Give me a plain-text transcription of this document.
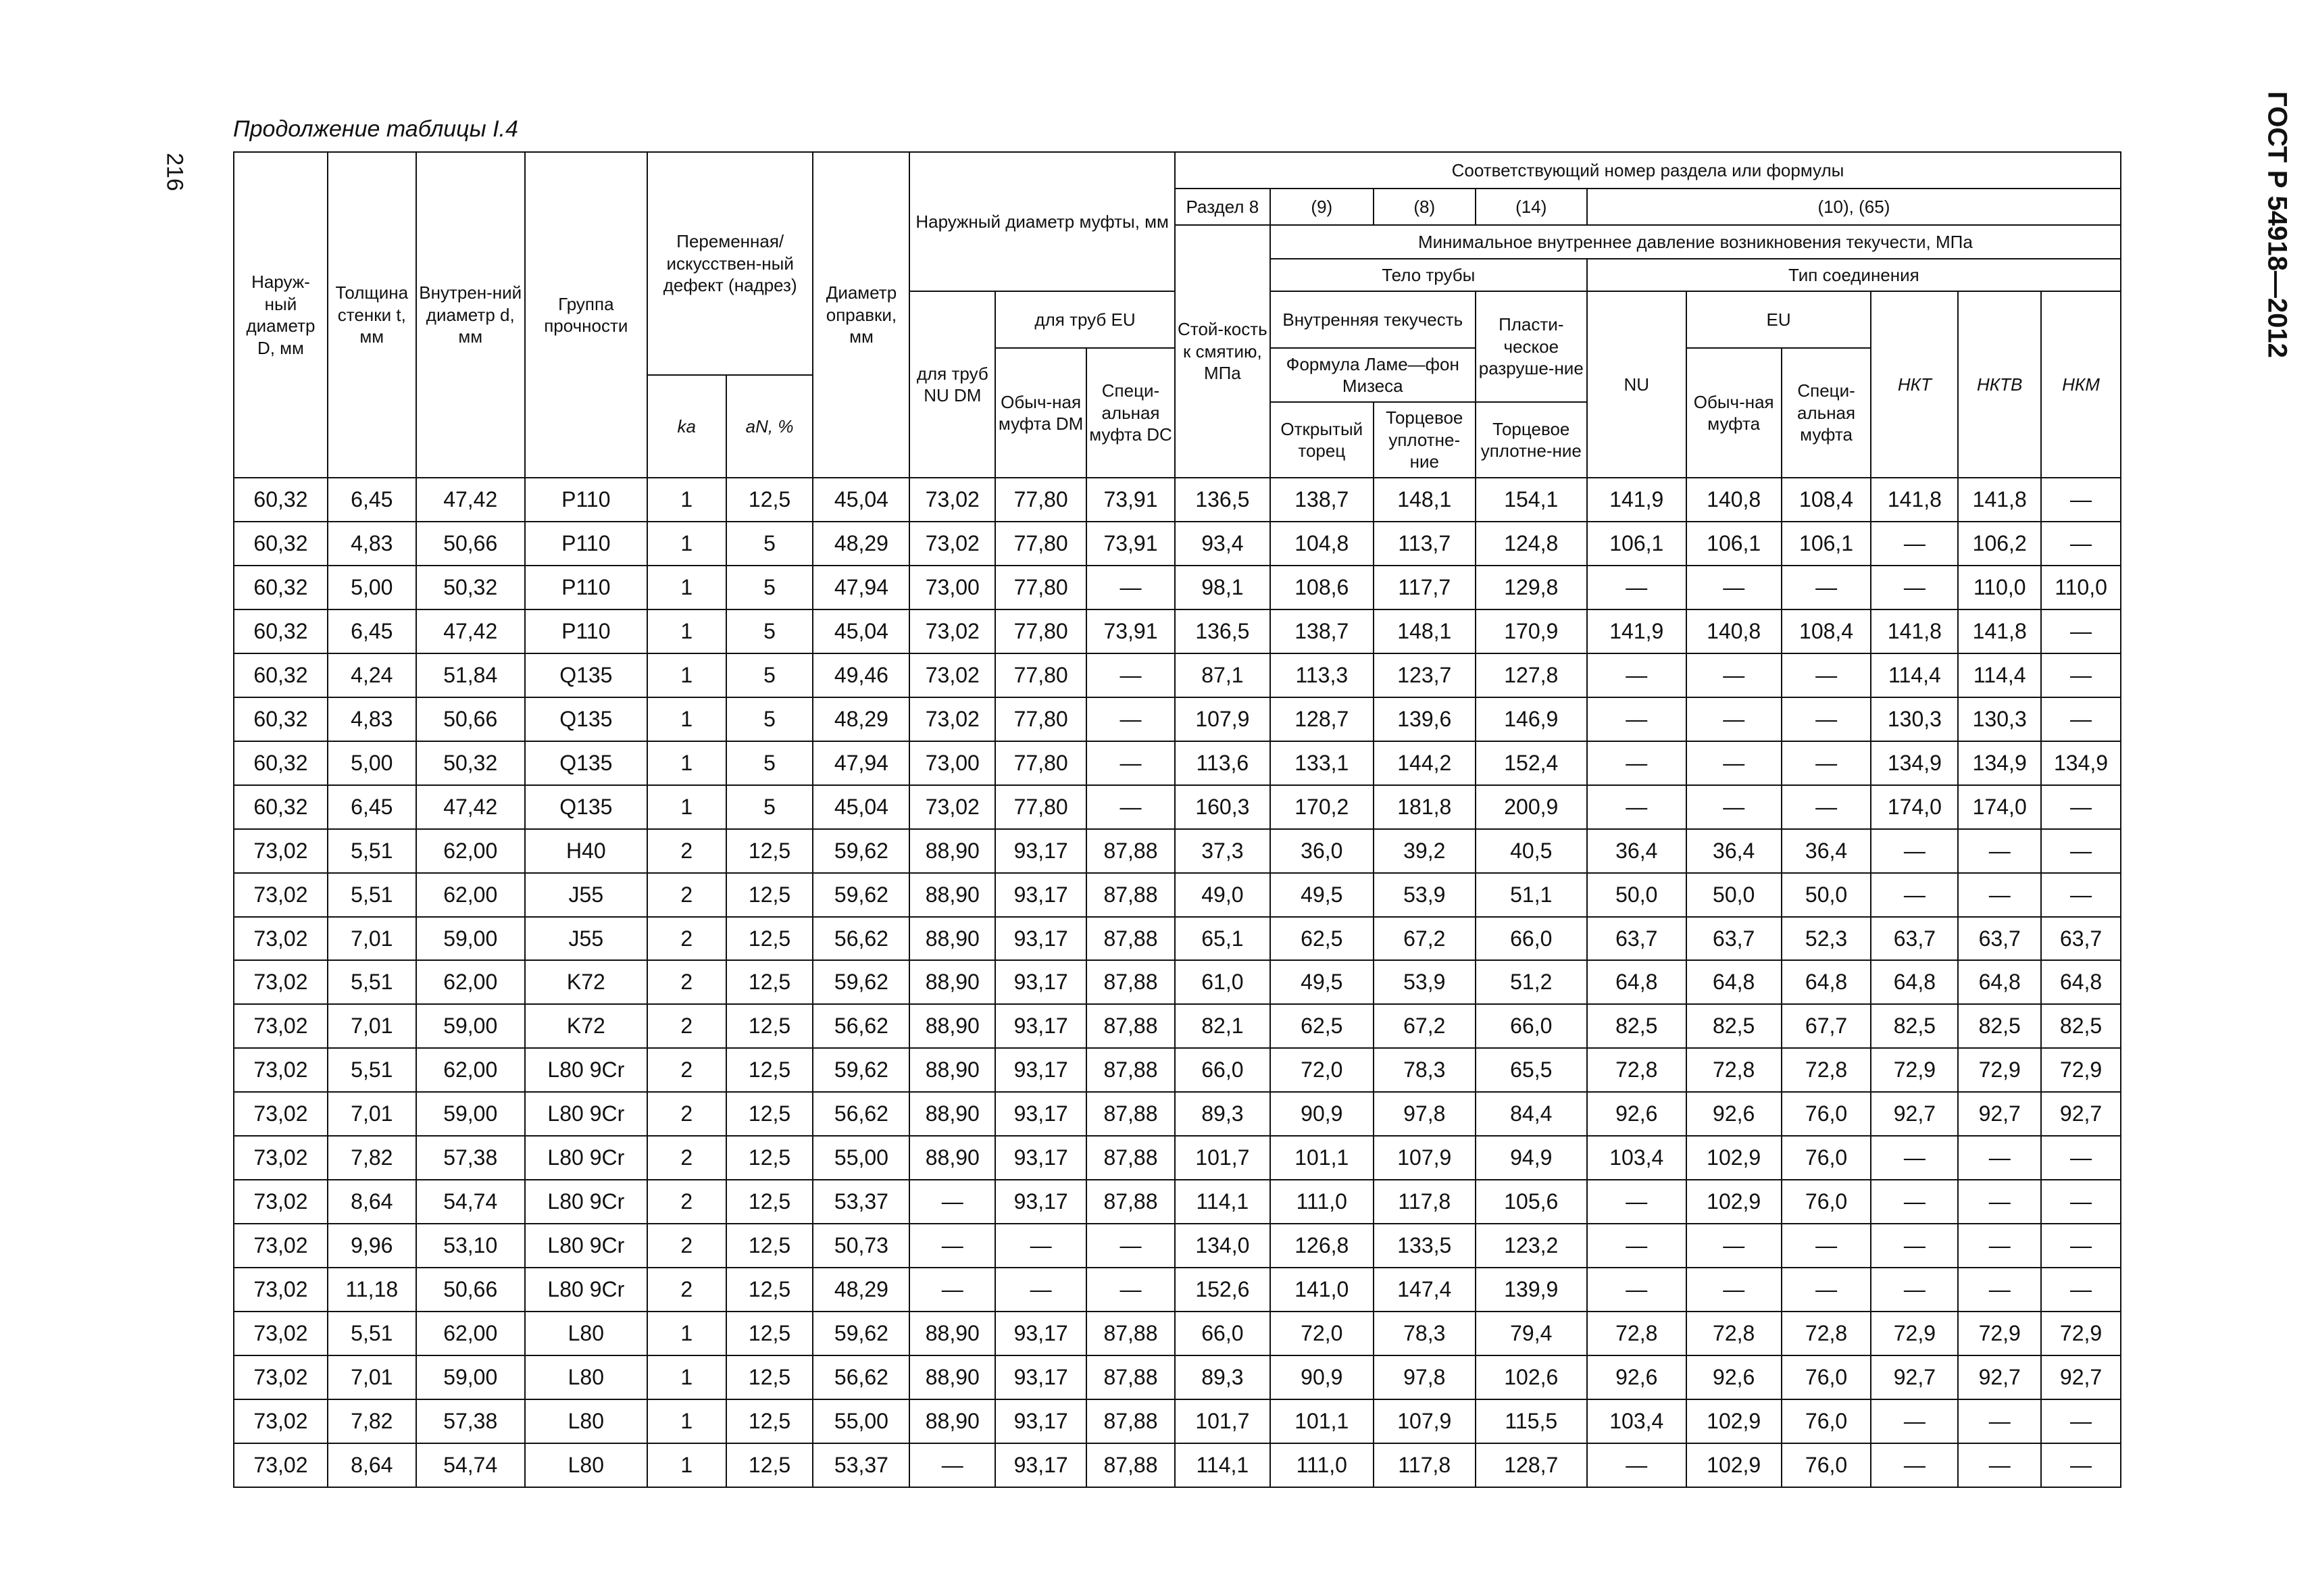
216
Продолжение таблицы I.4	ГОСТ Р 54918—2012
Наруж-ный диаметр D, мм	Толщина стенки t, мм	Внутрен-ний диаметр d, мм	Группа прочности	Переменная/ искусствен-ный дефект (надрез)		Диаметр оправки, мм	Наружный диаметр муфты, мм			Соответствующий номер раздела или формулы									
										Раздел 8	(9)	(8)	(14)	(10), (65)					
										Стой-кость к смятию, МПа	Минимальное внутреннее давление возникновения текучести, МПа								
											Тело трубы			Тип соединения					
							для труб NU DM	для труб EU			Внутренняя текучесть		Пласти-ческое разруше-ние	NU	EU		НКТ	НКТВ	НКМ
								Обыч-ная муфта DM	Специ-альная муфта DC		Формула Ламе—фон Мизеса				Обыч-ная муфта	Специ-альная муфта			
				ka	aN, %														
											Открытый торец	Торцевое уплотне-ние	Торцевое уплотне-ние						
60,32	6,45	47,42	P110	1	12,5	45,04	73,02	77,80	73,91	136,5	138,7	148,1	154,1	141,9	140,8	108,4	141,8	141,8	—
60,32	4,83	50,66	P110	1	5	48,29	73,02	77,80	73,91	93,4	104,8	113,7	124,8	106,1	106,1	106,1	—	106,2	—
60,32	5,00	50,32	P110	1	5	47,94	73,00	77,80	—	98,1	108,6	117,7	129,8	—	—	—	—	110,0	110,0
60,32	6,45	47,42	P110	1	5	45,04	73,02	77,80	73,91	136,5	138,7	148,1	170,9	141,9	140,8	108,4	141,8	141,8	—
60,32	4,24	51,84	Q135	1	5	49,46	73,02	77,80	—	87,1	113,3	123,7	127,8	—	—	—	114,4	114,4	—
60,32	4,83	50,66	Q135	1	5	48,29	73,02	77,80	—	107,9	128,7	139,6	146,9	—	—	—	130,3	130,3	—
60,32	5,00	50,32	Q135	1	5	47,94	73,00	77,80	—	113,6	133,1	144,2	152,4	—	—	—	134,9	134,9	134,9
60,32	6,45	47,42	Q135	1	5	45,04	73,02	77,80	—	160,3	170,2	181,8	200,9	—	—	—	174,0	174,0	—
73,02	5,51	62,00	H40	2	12,5	59,62	88,90	93,17	87,88	37,3	36,0	39,2	40,5	36,4	36,4	36,4	—	—	—
73,02	5,51	62,00	J55	2	12,5	59,62	88,90	93,17	87,88	49,0	49,5	53,9	51,1	50,0	50,0	50,0	—	—	—
73,02	7,01	59,00	J55	2	12,5	56,62	88,90	93,17	87,88	65,1	62,5	67,2	66,0	63,7	63,7	52,3	63,7	63,7	63,7
73,02	5,51	62,00	K72	2	12,5	59,62	88,90	93,17	87,88	61,0	49,5	53,9	51,2	64,8	64,8	64,8	64,8	64,8	64,8
73,02	7,01	59,00	K72	2	12,5	56,62	88,90	93,17	87,88	82,1	62,5	67,2	66,0	82,5	82,5	67,7	82,5	82,5	82,5
73,02	5,51	62,00	L80 9Cr	2	12,5	59,62	88,90	93,17	87,88	66,0	72,0	78,3	65,5	72,8	72,8	72,8	72,9	72,9	72,9
73,02	7,01	59,00	L80 9Cr	2	12,5	56,62	88,90	93,17	87,88	89,3	90,9	97,8	84,4	92,6	92,6	76,0	92,7	92,7	92,7
73,02	7,82	57,38	L80 9Cr	2	12,5	55,00	88,90	93,17	87,88	101,7	101,1	107,9	94,9	103,4	102,9	76,0	—	—	—
73,02	8,64	54,74	L80 9Cr	2	12,5	53,37	—	93,17	87,88	114,1	111,0	117,8	105,6	—	102,9	76,0	—	—	—
73,02	9,96	53,10	L80 9Cr	2	12,5	50,73	—	—	—	134,0	126,8	133,5	123,2	—	—	—	—	—	—
73,02	11,18	50,66	L80 9Cr	2	12,5	48,29	—	—	—	152,6	141,0	147,4	139,9	—	—	—	—	—	—
73,02	5,51	62,00	L80	1	12,5	59,62	88,90	93,17	87,88	66,0	72,0	78,3	79,4	72,8	72,8	72,8	72,9	72,9	72,9
73,02	7,01	59,00	L80	1	12,5	56,62	88,90	93,17	87,88	89,3	90,9	97,8	102,6	92,6	92,6	76,0	92,7	92,7	92,7
73,02	7,82	57,38	L80	1	12,5	55,00	88,90	93,17	87,88	101,7	101,1	107,9	115,5	103,4	102,9	76,0	—	—	—
73,02	8,64	54,74	L80	1	12,5	53,37	—	93,17	87,88	114,1	111,0	117,8	128,7	—	102,9	76,0	—	—	—
